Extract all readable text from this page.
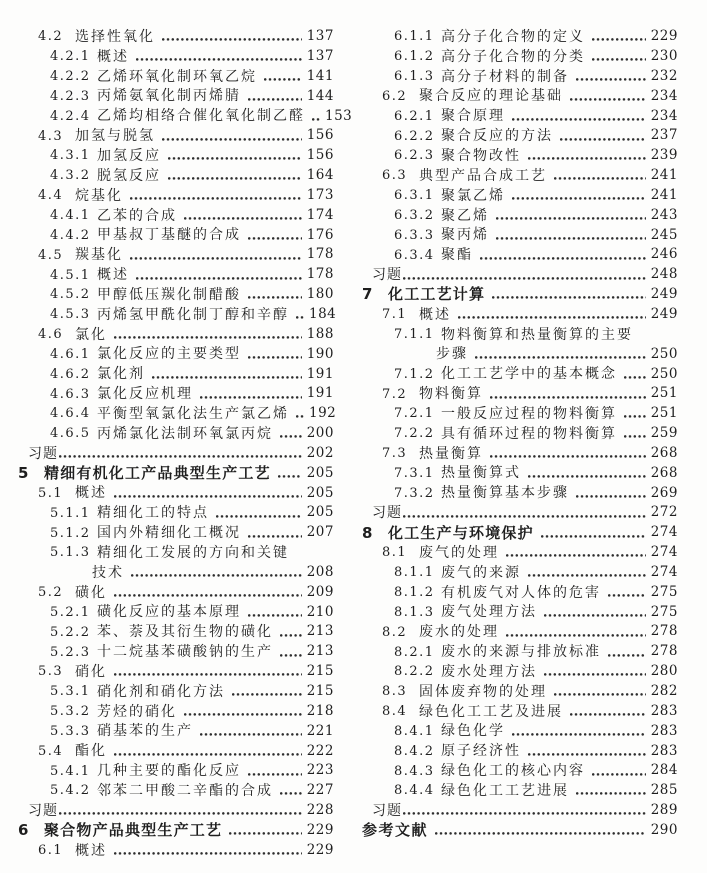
4.2 选择性氧化	137
4.2.1 概述	137
4.2.2 乙烯环氧化制环氧乙烷	141
4.2.3 丙烯氨氧化制丙烯腈	144
4.2.4 乙烯均相络合催化氧化制乙醛 153
4.3 加氢与脱氢	156
4.3.1 加氢反应	156
4.3.2 脱氢反应	164
4.4 烷基化	173
4.4.1 乙苯的合成	174
4.4.2 甲基叔丁基醚的合成	176
4.5 羰基化	178
4.5.1 概述	178
4.5.2 甲醇低压羰化制醋酸	180
4.5.3 丙烯氢甲酰化制丁醇和辛醇 184
4.6 氯化	188
4.6.1 氯化反应的主要类型	190
4.6.2 氯化剂	191
4.6.3 氯化反应机理	191
4.6.4 平衡型氧氯化法生产氯乙烯 192
4.6.5 丙烯氯化法制环氧氯丙烷 200
习题	202
5	精细有机化工产品典型生产工艺	205
5.1 概述	205
5.1.1 精细化工的特点	205
5.1.2 国内外精细化工概况	207
5.1.3 精细化工发展的方向和关键
技术	208
5.2 磺化	209
5.2.1 磺化反应的基本原理	210
5.2.2 苯、萘及其衍生物的磺化 213
5.2.3 十二烷基苯磺酸钠的生产 213
5.3 硝化	215
5.3.1 硝化剂和硝化方法	215
5.3.2 芳烃的硝化	218
5.3.3 硝基苯的生产	221
5.4 酯化	222
5.4.1 几种主要的酯化反应	223
5.4.2 邻苯二甲酸二辛酯的合成 227
习题	228
6	聚合物产品典型生产工艺	229
6.1 概述	229
6.1.1 高分子化合物的定义	229
6.1.2 高分子化合物的分类	230
6.1.3 高分子材料的制备	232
6.2 聚合反应的理论基础	234
6.2.1 聚合原理	234
6.2.2 聚合反应的方法	237
6.2.3 聚合物改性	239
6.3 典型产品合成工艺	241
6.3.1 聚氯乙烯	241
6.3.2 聚乙烯	243
6.3.3 聚丙烯	245
6.3.4 聚酯	246
习题	248
7	化工工艺计算	249
7.1 概述	249
7.1.1 物料衡算和热量衡算的主要
步骤	250
7.1.2 化工工艺学中的基本概念 250
7.2 物料衡算	251
7.2.1 一般反应过程的物料衡算 251
7.2.2 具有循环过程的物料衡算 259
7.3 热量衡算	268
7.3.1 热量衡算式	268
7.3.2 热量衡算基本步骤	269
习题	272
8	化工生产与环境保护	274
8.1 废气的处理	274
8.1.1 废气的来源	274
8.1.2 有机废气对人体的危害	275
8.1.3 废气处理方法	275
8.2 废水的处理	278
8.2.1 废水的来源与排放标准	278
8.2.2 废水处理方法	280
8.3 固体废弃物的处理	282
8.4 绿色化工工艺及进展	283
8.4.1 绿色化学	283
8.4.2 原子经济性	283
8.4.3 绿色化工的核心内容	284
8.4.4 绿色化工工艺进展	285
习题	289
参考文献	290
